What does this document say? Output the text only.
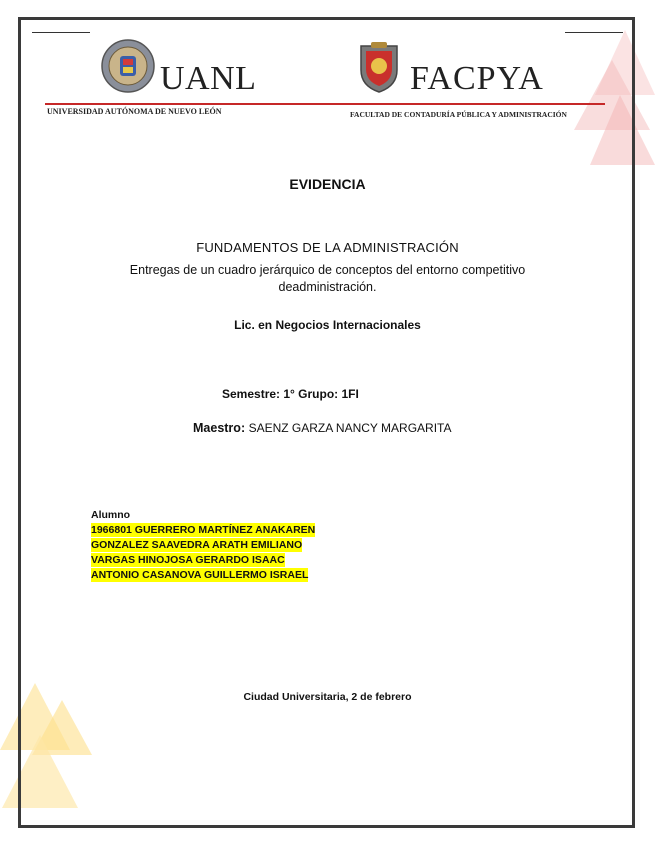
UANL	FACPYA
UNIVERSIDAD AUTÓNOMA DE NUEVO LEÓN	FACULTAD DE CONTADURÍA PÚBLICA Y ADMINISTRACIÓN
EVIDENCIA
FUNDAMENTOS DE LA ADMINISTRACIÓN
Entregas de un cuadro jerárquico de conceptos del entorno competitivo
deadministración.
Lic. en Negocios Internacionales
Semestre: 1° Grupo: 1FI
Maestro: SAENZ GARZA NANCY MARGARITA
Alumno
1966801 GUERRERO MARTÍNEZ ANAKAREN
GONZALEZ SAAVEDRA ARATH EMILIANO
VARGAS HINOJOSA GERARDO ISAAC
ANTONIO CASANOVA GUILLERMO ISRAEL
Ciudad Universitaria, 2 de febrero
